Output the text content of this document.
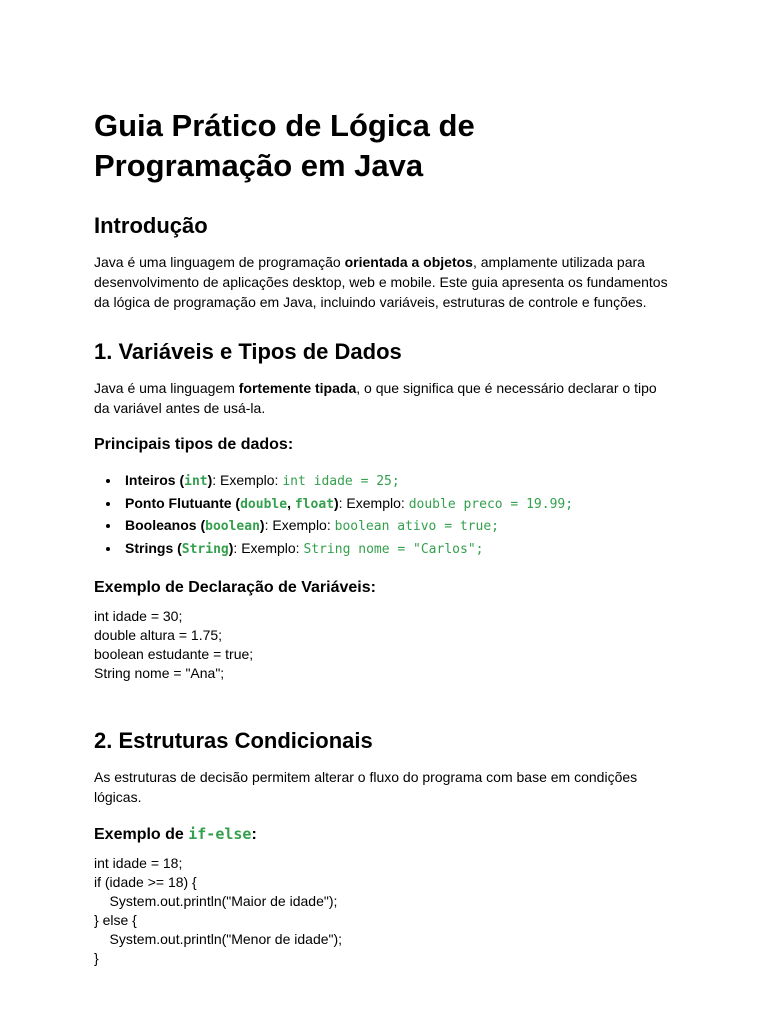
Guia Prático de Lógica de Programação em Java
Introdução

Java é uma linguagem de programação orientada a objetos, amplamente utilizada para desenvolvimento de aplicações desktop, web e mobile. Este guia apresenta os fundamentos da lógica de programação em Java, incluindo variáveis, estruturas de controle e funções.

1. Variáveis e Tipos de Dados

Java é uma linguagem fortemente tipada, o que significa que é necessário declarar o tipo da variável antes de usá-la.

Principais tipos de dados:
• Inteiros (int): Exemplo: int idade = 25;
• Ponto Flutuante (double, float): Exemplo: double preco = 19.99;
• Booleanos (boolean): Exemplo: boolean ativo = true;
• Strings (String): Exemplo: String nome = "Carlos";
Exemplo de Declaração de Variáveis:
int idade = 30;
double altura = 1.75;
boolean estudante = true;
String nome = "Ana";
2. Estruturas Condicionais

As estruturas de decisão permitem alterar o fluxo do programa com base em condições lógicas.

Exemplo de if-else:
int idade = 18;
if (idade >= 18) {
System.out.println("Maior de idade");
} else {
System.out.println("Menor de idade");
}
